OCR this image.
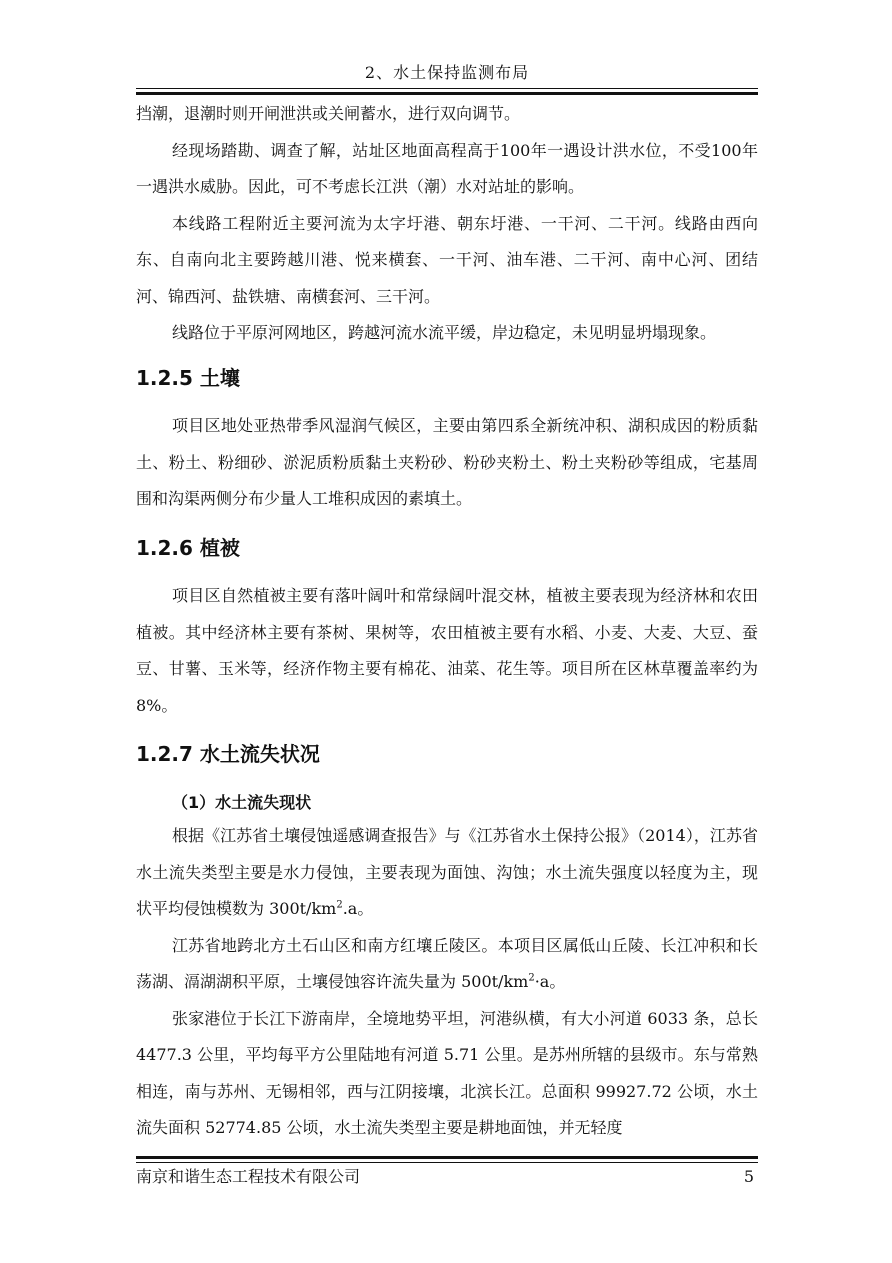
2、水土保持监测布局

挡潮，退潮时则开闸泄洪或关闸蓄水，进行双向调节。

经现场踏勘、调查了解，站址区地面高程高于100年一遇设计洪水位，不受100年一遇洪水威胁。因此，可不考虑长江洪（潮）水对站址的影响。

本线路工程附近主要河流为太字圩港、朝东圩港、一干河、二干河。线路由西向东、自南向北主要跨越川港、悦来横套、一干河、油车港、二干河、南中心河、团结河、锦西河、盐铁塘、南横套河、三干河。

线路位于平原河网地区，跨越河流水流平缓，岸边稳定，未见明显坍塌现象。

1.2.5 土壤

项目区地处亚热带季风湿润气候区，主要由第四系全新统冲积、湖积成因的粉质黏土、粉土、粉细砂、淤泥质粉质黏土夹粉砂、粉砂夹粉土、粉土夹粉砂等组成，宅基周围和沟渠两侧分布少量人工堆积成因的素填土。

1.2.6 植被

项目区自然植被主要有落叶阔叶和常绿阔叶混交林，植被主要表现为经济林和农田植被。其中经济林主要有茶树、果树等，农田植被主要有水稻、小麦、大麦、大豆、蚕豆、甘薯、玉米等，经济作物主要有棉花、油菜、花生等。项目所在区林草覆盖率约为 8%。

1.2.7 水土流失状况
（1）水土流失现状

根据《江苏省土壤侵蚀遥感调查报告》与《江苏省水土保持公报》（2014），江苏省水土流失类型主要是水力侵蚀，主要表现为面蚀、沟蚀；水土流失强度以轻度为主，现状平均侵蚀模数为 $300t/km^2.a$。

江苏省地跨北方土石山区和南方红壤丘陵区。本项目区属低山丘陵、长江冲积和长荡湖、滆湖湖积平原，土壤侵蚀容许流失量为 $500t/km^2\cdot a$。

张家港位于长江下游南岸，全境地势平坦，河港纵横，有大小河道 6033 条，总长 4477.3 公里，平均每平方公里陆地有河道 5.71 公里。是苏州所辖的县级市。东与常熟相连，南与苏州、无锡相邻，西与江阴接壤，北滨长江。总面积 99927.72 公顷，水土流失面积 52774.85 公顷，水土流失类型主要是耕地面蚀，并无轻度

南京和谐生态工程技术有限公司	5
